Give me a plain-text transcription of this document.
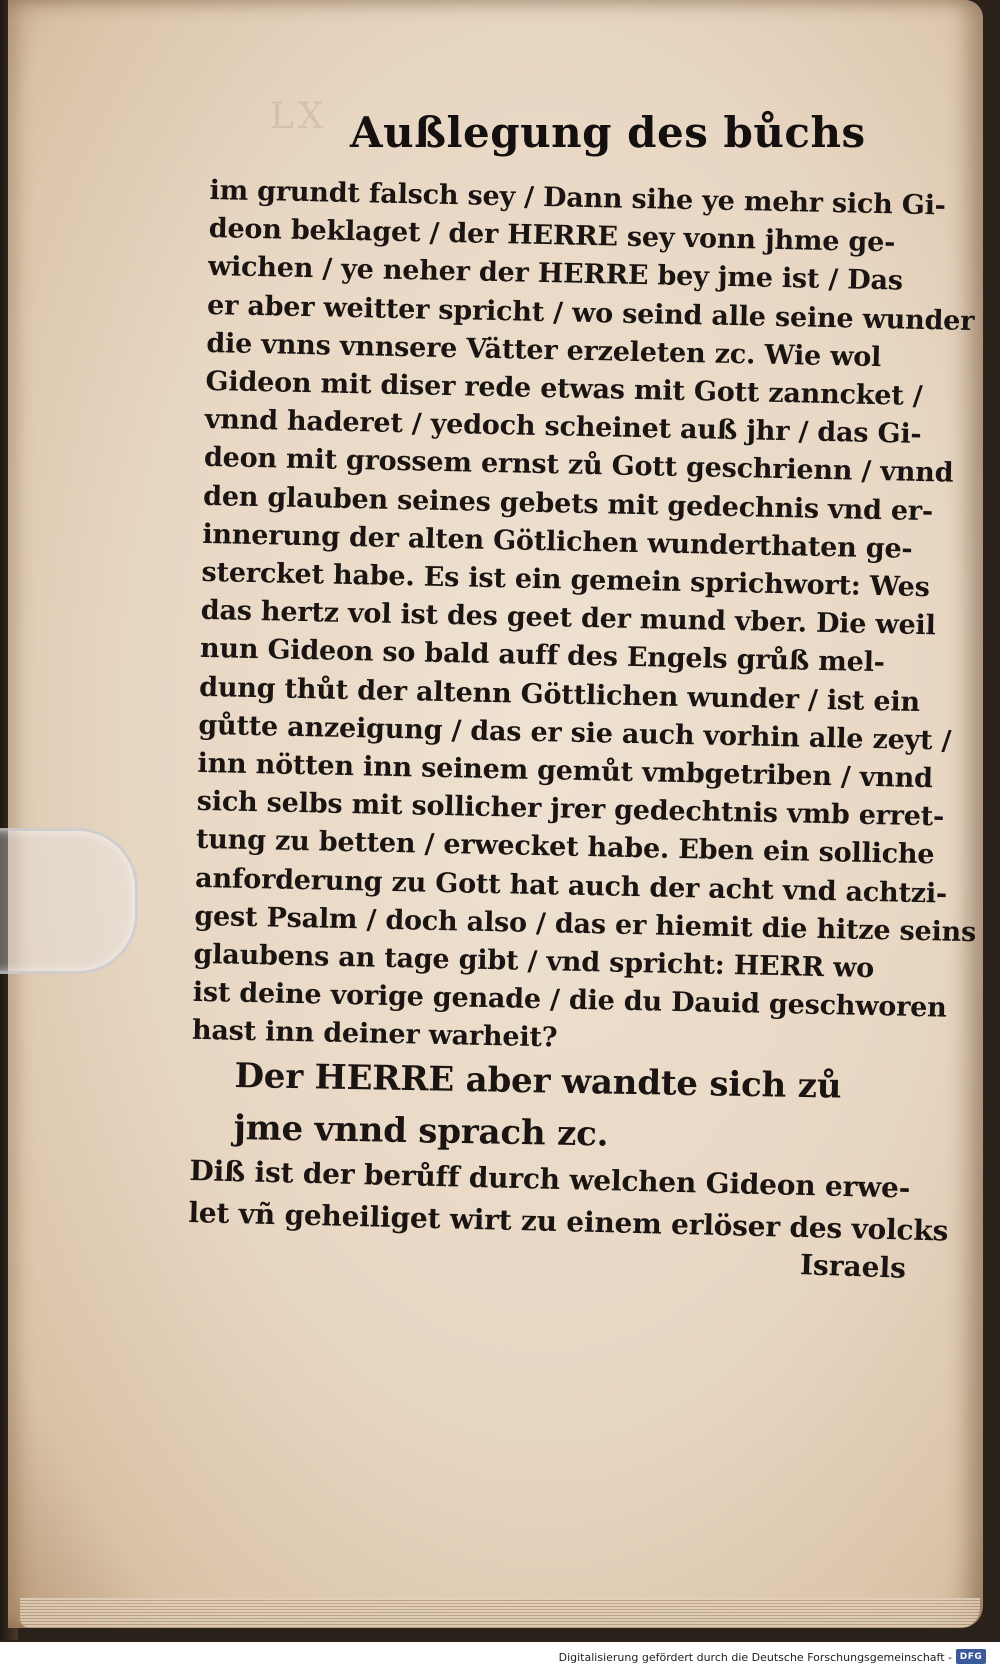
LX Außlegung des bůchs
im grundt falsch sey / Dann sihe ye mehr sich Gi-
deon beklaget / der HERRE sey vonn jhme ge-
wichen / ye neher der HERRE bey jme ist / Das
er aber weitter spricht / wo seind alle seine wunder
die vnns vnnsere Vätter erzeleten zc. Wie wol
Gideon mit diser rede etwas mit Gott zanncket /
vnnd haderet / yedoch scheinet auß jhr / das Gi-
deon mit grossem ernst zů Gott geschrienn / vnnd
den glauben seines gebets mit gedechnis vnd er-
innerung der alten Götlichen wunderthaten ge-
stercket habe. Es ist ein gemein sprichwort: Wes
das hertz vol ist des geet der mund vber. Die weil
nun Gideon so bald auff des Engels grůß mel-
dung thůt der altenn Göttlichen wunder / ist ein
gůtte anzeigung / das er sie auch vorhin alle zeyt /
inn nötten inn seinem gemůt vmbgetriben / vnnd
sich selbs mit sollicher jrer gedechtnis vmb erret-
tung zu betten / erwecket habe. Eben ein solliche
anforderung zu Gott hat auch der acht vnd achtzi-
gest Psalm / doch also / das er hiemit die hitze seins
glaubens an tage gibt / vnd spricht: HERR wo
ist deine vorige genade / die du Dauid geschworen
hast inn deiner warheit?
Der HERRE aber wandte sich zů
jme vnnd sprach zc.
Diß ist der berůff durch welchen Gideon erwe-
let vñ geheiliget wirt zu einem erlöser des volcks
Israels
Digitalisierung gefördert durch die Deutsche Forschungsgemeinschaft - DFG
